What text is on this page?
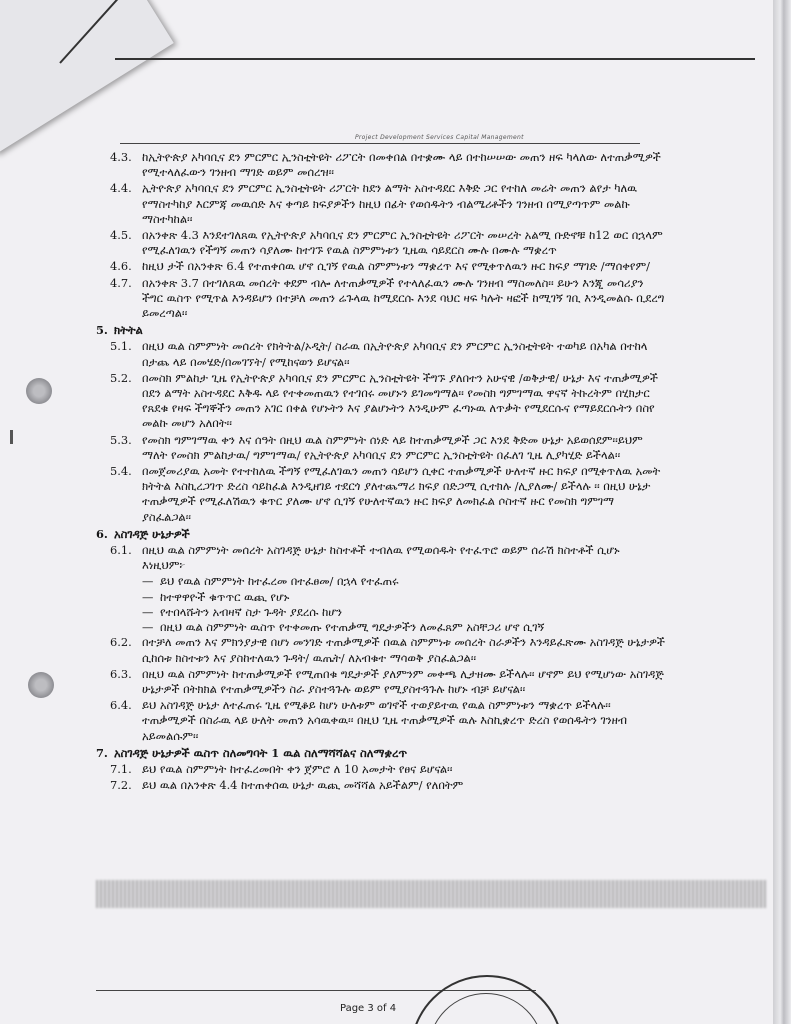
Project Development Services Capital Management
4.3. ከኢትዮጵያ አካባቢና ደን ምርምር ኢንስቲትዩት ሪፖርት በመቀበል በተቋሙ ላይ በተከሠሠው መጠን ዘፍ ካላለው ለተጠቃሚዎች የሚተላለፈውን ገንዘብ ማገድ ወይም መሰረዝ፡፡
4.4. ኢትዮጵያ አካባቢና ደን ምርምር ኢንስቲትዩት ሪፖርት ከደን ልማት አስተዳደር እቅድ ጋር የተከለ መሬት መጠን ልየታ ካለዉ የማስተካከያ እርምጃ መዉሰድ እና ቀጣይ ክፍያዎችን ከዚህ በፊት የወሰዱትን ብልሜሪቶችን ገንዘብ በሚያጣጥም መልኩ ማስተካከል፡፡
4.5. በአንቀጽ 4.3 እንደተገለጸዉ የኢትዮጵያ አካባቢና ደን ምርምር ኢንስቲትዩት ሪፖርት መሠረት አልሚ ቡድኖቹ ከ12 ወር በኋላም የሚፈለገዉን የችግኝ መጠን ሳያለሙ ከተገኙ የዉል ስምምነቱን ጊዜዉ ሳይደርስ ሙሉ በሙሉ ማቋረጥ
4.6. ከዚህ ታች በአንቀጽ 6.4 የተጠቀሰዉ ሆኖ ሲገኝ የዉል ስምምነቱን ማቋረጥ እና የሚቀጥለዉን ዙር ክፍያ ማገድ /ማሰቀየም/
4.7. በአንቀጽ 3.7 በተገለጸዉ መሰረት ቀደም ብሎ ለተጠቃሚዎች የተላለፈዉን ሙሉ ገንዘብ ማስመለስ፡፡ ይሁን እንጂ መሳሪያን ችግር ዉስጥ የሚጥል እንዳይሆን በተቻለ መጠን ሬጉላዉ ከሚደርሱ እንደ ባህር ዛፍ ካሉት ዛፎች ከሚገኝ ገቢ እንዲመልሱ ቢደረግ ይመረጣል፡፡
5. ክትትል
5.1. በዚህ ዉል ስምምነት መሰረት የክትትል/ኦዲት/ ስራዉ በኢትዮጵያ አካባቢና ደን ምርምር ኢንስቲትዩት ተወካይ በአካል በተከላ በታጨ ላይ በመሄድ/በመገኘት/ የሚከናወን ይሆናል፡፡
5.2. በመስክ ምልከታ ጊዜ የኢትዮጵያ አካባቢና ደን ምርምር ኢንስቲትዩት ችግኙ ያለበተን አሁናዊ /ወቅታዊ/ ሁኔታ እና ተጠቃሚዎች በደን ልማት አስተዳደር እቅዱ ላይ የተቀመጠዉን የተገበሩ መሆኑን ይገመግማል፡፡ የመስክ ግምገማዉ ዋናኛ ትኩረትም በሂክታር የጸደቁ የዛፍ ችግኞችን መጠን አገር በቀል የሆኑትን እና ያልሆኑትን እንዲሁም ፈጣኑዉ ለጥቃት የሚደርሱና የማይደርሱትን በስየ መልኩ መሆን አለበት፡፡
5.3. የመስክ ግምገማዉ ቀን እና ሰዓት በዚህ ዉል ስምምነት ሰነድ ላይ ከተጠቃሚዎች ጋር እንደ ቅድመ ሁኔታ አይወሰደም፡፡ይህም ማለት የመስክ ምልከታዉ/ ግምገማዉ/ የኢትዮጵያ አካባቢና ደን ምርምር ኢንስቲትዩት በፈለገ ጊዜ ሊያካሂድ ይችላል፡፡
5.4. በመጀመሪያዉ አመት የተተከለዉ ችግኝ የሚፈለገዉን መጠን ሳይሆን ሲቀር ተጠቃሚዎች ሁለተኛ ዙር ክፍያ በሚቀጥለዉ አመት ክትትል እስኪረጋገጥ ድረስ ሳይከፈል እንዲዘገይ ተደርጎ ያለተጨማሪ ክፍያ በድጋሚ ሲተክሉ /ሊያለሙ/ ይችላሉ ፡፡ በዚህ ሁኔታ ተጠቃሚዎች የሚፈለሽዉን ቁጥር ያለሙ ሆኖ ሲገኝ የሁለተኛዉን ዙር ክፍያ ለመክፈል ሶስተኛ ዙር የመስክ ግምገማ ያስፈልጋል፡፡
6. አስገዳጅ ሁኔታዎች
6.1. በዚህ ዉል ስምምነት መሰረት አስገዳጅ ሁኔታ ከስተቶች ተብለዉ የሚወሰዱት የተፈጥሮ ወይም ሰራሽ ክስተቶች ሲሆኑ እነዚህም፦
— ይህ የዉል ስምምነት ከተፈረመ በተፈፀመ/ በኋላ የተፈጠሩ
— ከተዋዋዮች ቁጥጥር ዉጪ የሆኑ
— የተበላሹትን አብዛኛ ስታ ጉዳት ያደረሱ ከሆን
— በዚህ ዉል ስምምነት ዉስጥ የተቀመጡ የተጠቃሚ ግዴታዎችን ለመፈጸም አስቸጋሪ ሆኖ ሲገኝ
6.2. በተቻለ መጠን እና ምክንያታዊ በሆነ መንገድ ተጠቃሚዎች በዉል ስምምነቱ መሰረት ስራዎችን እንዳይፈጽሙ አስገዳጅ ሁኔታዎች ሲከሰቱ ክስተቱን እና ያስከተለዉን ጉዳት/ ዉጤት/ ለአብቁተ ማሳወቅ ያስፈልጋል፡፡
6.3. በዚህ ዉል ስምምነት ከተጠቃሚዎች የሚጠበቁ ግዴታዎች ያለምንም መቀጫ ሊታዘሙ ይችላሉ፡፡ ሆኖም ይህ የሚሆነው አስገዳጅ ሁኔታዎች በትክክል የተጠቃሚዎችን ስራ ያስተጓጉሉ ወይም የሚያስተጓጉሉ ከሆኑ ብቻ ይሆናል፡፡
6.4. ይህ አስገዳጅ ሁኔታ ለተፈጠሩ ጊዜ የሚቆይ ከሆነ ሁለቱም ወገኖች ተወያይተዉ የዉል ስምምነቱን ማቋረጥ ይችላሉ፡፡ ተጠቃሚዎች በስራዉ ላይ ሁለት መጠን አሳዉቀዉ፡፡ በዚህ ጊዜ ተጠቃሚዎች ዉሉ እስኪቋረጥ ድረስ የወሰዱትን ገንዘብ አይመልሱም፡፡
7. አስገዳጅ ሁኔታዎች ዉስጥ ስለመግባት 1 ዉል ስለማሻሻልና ስለማቋረጥ
7.1. ይህ የዉል ስምምነት ከተፈረመበት ቀን ጀምሮ ለ 10 አመታት የፀና ይሆናል፡፡
7.2. ይህ ዉል በአንቀጽ 4.4 ከተጠቀሰዉ ሁኔታ ዉጪ መሻሻል አይችልም/ የለበትም
Page 3 of 4
